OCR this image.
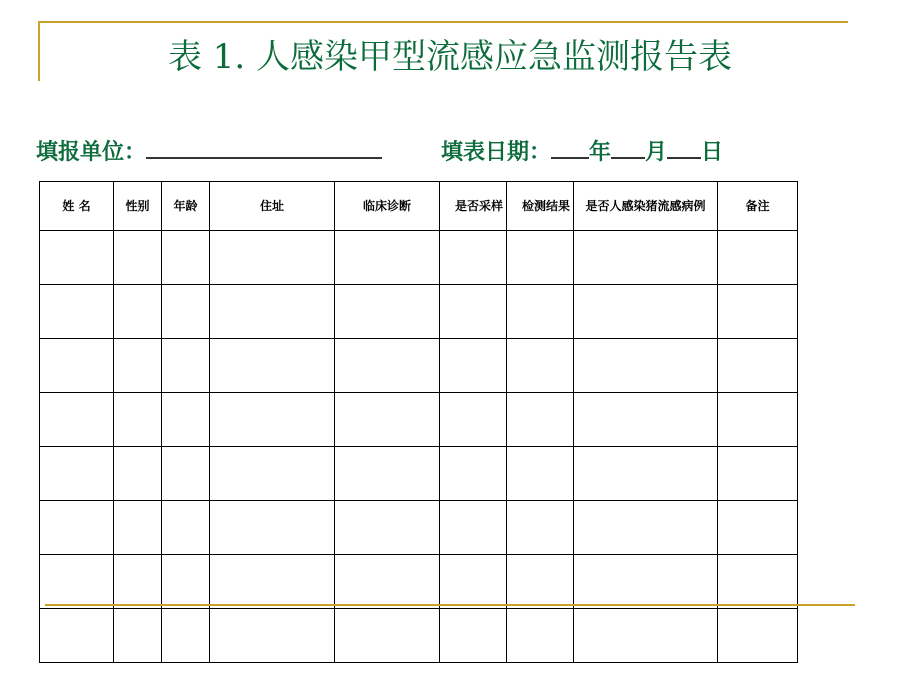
表 1. 人感染甲型流感应急监测报告表
填报单位：	填表日期： 年 月 日
姓 名	性别	年龄	住址	临床诊断	是否采样	检测结果	是否人感染猪流感病例	备注
